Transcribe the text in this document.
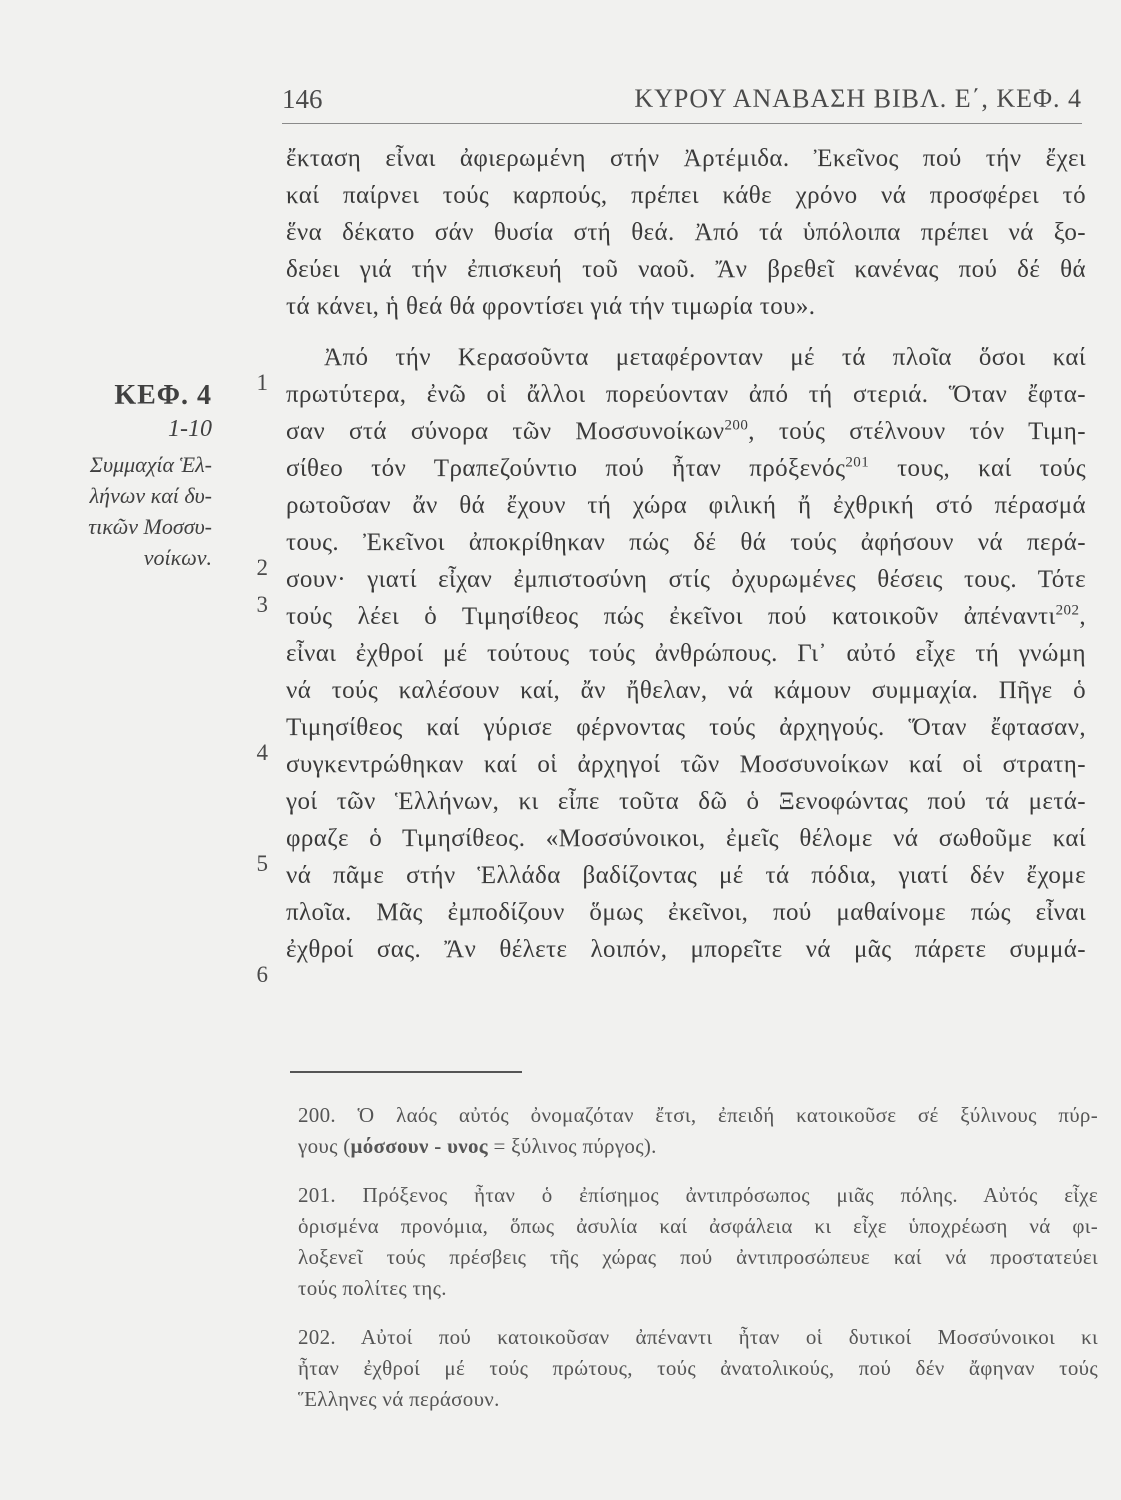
146	ΚΥΡΟΥ ΑΝΑΒΑΣΗ ΒΙΒΛ. Ε΄, ΚΕΦ. 4
ΚΕΦ. 4
1-10
Συμμαχία Ἑλ-
λήνων καί δυ-
τικῶν Μοσσυ-
νοίκων.
1
2
3
4
5
6
ἔκταση εἶναι ἀφιερωμένη στήν Ἀρτέμιδα. Ἐκεῖνος πού τήν ἔχει
καί παίρνει τούς καρπούς, πρέπει κάθε χρόνο νά προσφέρει τό
ἕνα δέκατο σάν θυσία στή θεά. Ἀπό τά ὑπόλοιπα πρέπει νά ξο-
δεύει γιά τήν ἐπισκευή τοῦ ναοῦ. Ἄν βρεθεῖ κανένας πού δέ θά
τά κάνει, ἡ θεά θά φροντίσει γιά τήν τιμωρία του».
Ἀπό τήν Κερασοῦντα μεταφέρονταν μέ τά πλοῖα ὅσοι καί
πρωτύτερα, ἐνῶ οἱ ἄλλοι πορεύονταν ἀπό τή στεριά. Ὅταν ἔφτα-
σαν στά σύνορα τῶν Μοσσυνοίκων$^{200}$, τούς στέλνουν τόν Τιμη-
σίθεο τόν Τραπεζούντιο πού ἦταν πρόξενός$^{201}$ τους, καί τούς
ρωτοῦσαν ἄν θά ἔχουν τή χώρα φιλική ἤ ἐχθρική στό πέρασμά
τους. Ἐκεῖνοι ἀποκρίθηκαν πώς δέ θά τούς ἀφήσουν νά περά-
σουν· γιατί εἶχαν ἐμπιστοσύνη στίς ὀχυρωμένες θέσεις τους. Τότε
τούς λέει ὁ Τιμησίθεος πώς ἐκεῖνοι πού κατοικοῦν ἀπέναντι$^{202}$,
εἶναι ἐχθροί μέ τούτους τούς ἀνθρώπους. Γι᾽ αὐτό εἶχε τή γνώμη
νά τούς καλέσουν καί, ἄν ἤθελαν, νά κάμουν συμμαχία. Πῆγε ὁ
Τιμησίθεος καί γύρισε φέρνοντας τούς ἀρχηγούς. Ὅταν ἔφτασαν,
συγκεντρώθηκαν καί οἱ ἀρχηγοί τῶν Μοσσυνοίκων καί οἱ στρατη-
γοί τῶν Ἑλλήνων, κι εἶπε τοῦτα δῶ ὁ Ξενοφώντας πού τά μετά-
φραζε ὁ Τιμησίθεος. «Μοσσύνοικοι, ἐμεῖς θέλομε νά σωθοῦμε καί
νά πᾶμε στήν Ἑλλάδα βαδίζοντας μέ τά πόδια, γιατί δέν ἔχομε
πλοῖα. Μᾶς ἐμποδίζουν ὅμως ἐκεῖνοι, πού μαθαίνομε πώς εἶναι
ἐχθροί σας. Ἄν θέλετε λοιπόν, μπορεῖτε νά μᾶς πάρετε συμμά-
200. Ὁ λαός αὐτός ὀνομαζόταν ἔτσι, ἐπειδή κατοικοῦσε σέ ξύλινους πύρ-
γους (μόσσουν - υνος = ξύλινος πύργος).
201. Πρόξενος ἦταν ὁ ἐπίσημος ἀντιπρόσωπος μιᾶς πόλης. Αὐτός εἶχε
ὁρισμένα προνόμια, ὅπως ἀσυλία καί ἀσφάλεια κι εἶχε ὑποχρέωση νά φι-
λοξενεῖ τούς πρέσβεις τῆς χώρας πού ἀντιπροσώπευε καί νά προστατεύει
τούς πολίτες της.
202. Αὐτοί πού κατοικοῦσαν ἀπέναντι ἦταν οἱ δυτικοί Μοσσύνοικοι κι
ἦταν ἐχθροί μέ τούς πρώτους, τούς ἀνατολικούς, πού δέν ἄφηναν τούς
Ἕλληνες νά περάσουν.
